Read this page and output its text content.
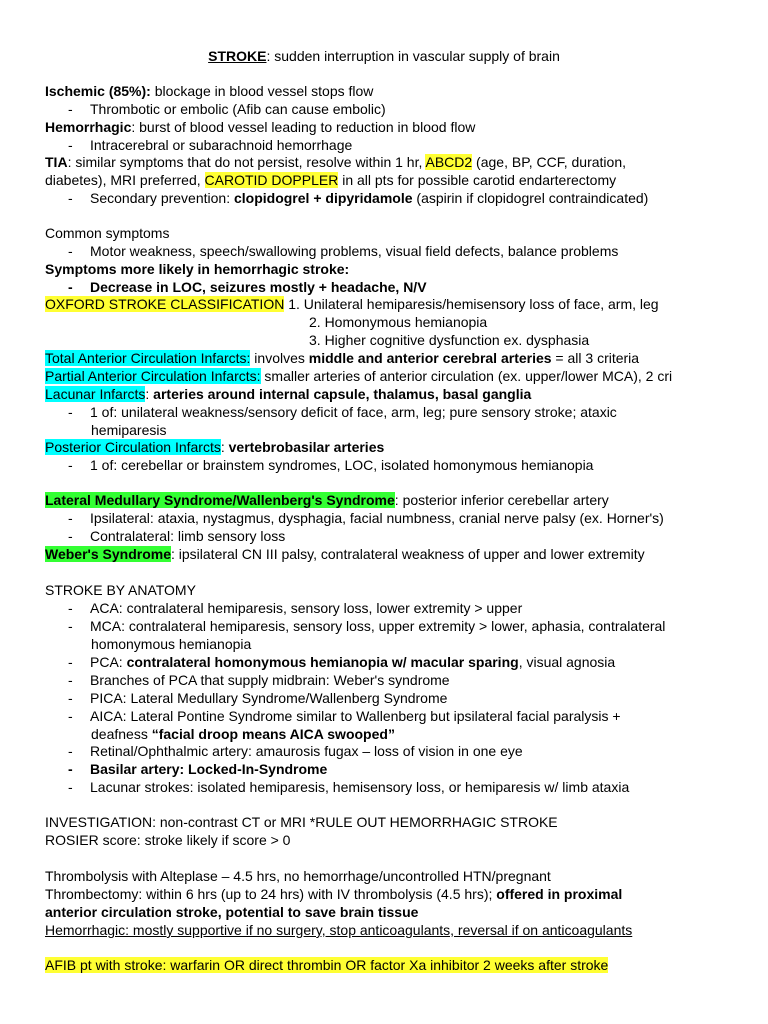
STROKE: sudden interruption in vascular supply of brain
Ischemic (85%): blockage in blood vessel stops flow
- Thrombotic or embolic (Afib can cause embolic)
Hemorrhagic: burst of blood vessel leading to reduction in blood flow
- Intracerebral or subarachnoid hemorrhage
TIA: similar symptoms that do not persist, resolve within 1 hr, ABCD2 (age, BP, CCF, duration,
diabetes), MRI preferred, CAROTID DOPPLER in all pts for possible carotid endarterectomy
- Secondary prevention: clopidogrel + dipyridamole (aspirin if clopidogrel contraindicated)
Common symptoms
- Motor weakness, speech/swallowing problems, visual field defects, balance problems
Symptoms more likely in hemorrhagic stroke:
- Decrease in LOC, seizures mostly + headache, N/V
OXFORD STROKE CLASSIFICATION 1. Unilateral hemiparesis/hemisensory loss of face, arm, leg
2. Homonymous hemianopia
3. Higher cognitive dysfunction ex. dysphasia
Total Anterior Circulation Infarcts: involves middle and anterior cerebral arteries = all 3 criteria
Partial Anterior Circulation Infarcts: smaller arteries of anterior circulation (ex. upper/lower MCA), 2 cri
Lacunar Infarcts: arteries around internal capsule, thalamus, basal ganglia
- 1 of: unilateral weakness/sensory deficit of face, arm, leg; pure sensory stroke; ataxic
hemiparesis
Posterior Circulation Infarcts: vertebrobasilar arteries
- 1 of: cerebellar or brainstem syndromes, LOC, isolated homonymous hemianopia
Lateral Medullary Syndrome/Wallenberg's Syndrome: posterior inferior cerebellar artery
- Ipsilateral: ataxia, nystagmus, dysphagia, facial numbness, cranial nerve palsy (ex. Horner's)
- Contralateral: limb sensory loss
Weber's Syndrome: ipsilateral CN III palsy, contralateral weakness of upper and lower extremity
STROKE BY ANATOMY
- ACA: contralateral hemiparesis, sensory loss, lower extremity > upper
- MCA: contralateral hemiparesis, sensory loss, upper extremity > lower, aphasia, contralateral
homonymous hemianopia
- PCA: contralateral homonymous hemianopia w/ macular sparing, visual agnosia
- Branches of PCA that supply midbrain: Weber's syndrome
- PICA: Lateral Medullary Syndrome/Wallenberg Syndrome
- AICA: Lateral Pontine Syndrome similar to Wallenberg but ipsilateral facial paralysis +
deafness “facial droop means AICA swooped”
- Retinal/Ophthalmic artery: amaurosis fugax – loss of vision in one eye
- Basilar artery: Locked-In-Syndrome
- Lacunar strokes: isolated hemiparesis, hemisensory loss, or hemiparesis w/ limb ataxia
INVESTIGATION: non-contrast CT or MRI *RULE OUT HEMORRHAGIC STROKE
ROSIER score: stroke likely if score > 0
Thrombolysis with Alteplase – 4.5 hrs, no hemorrhage/uncontrolled HTN/pregnant
Thrombectomy: within 6 hrs (up to 24 hrs) with IV thrombolysis (4.5 hrs); offered in proximal
anterior circulation stroke, potential to save brain tissue
Hemorrhagic: mostly supportive if no surgery, stop anticoagulants, reversal if on anticoagulants
AFIB pt with stroke: warfarin OR direct thrombin OR factor Xa inhibitor 2 weeks after stroke
